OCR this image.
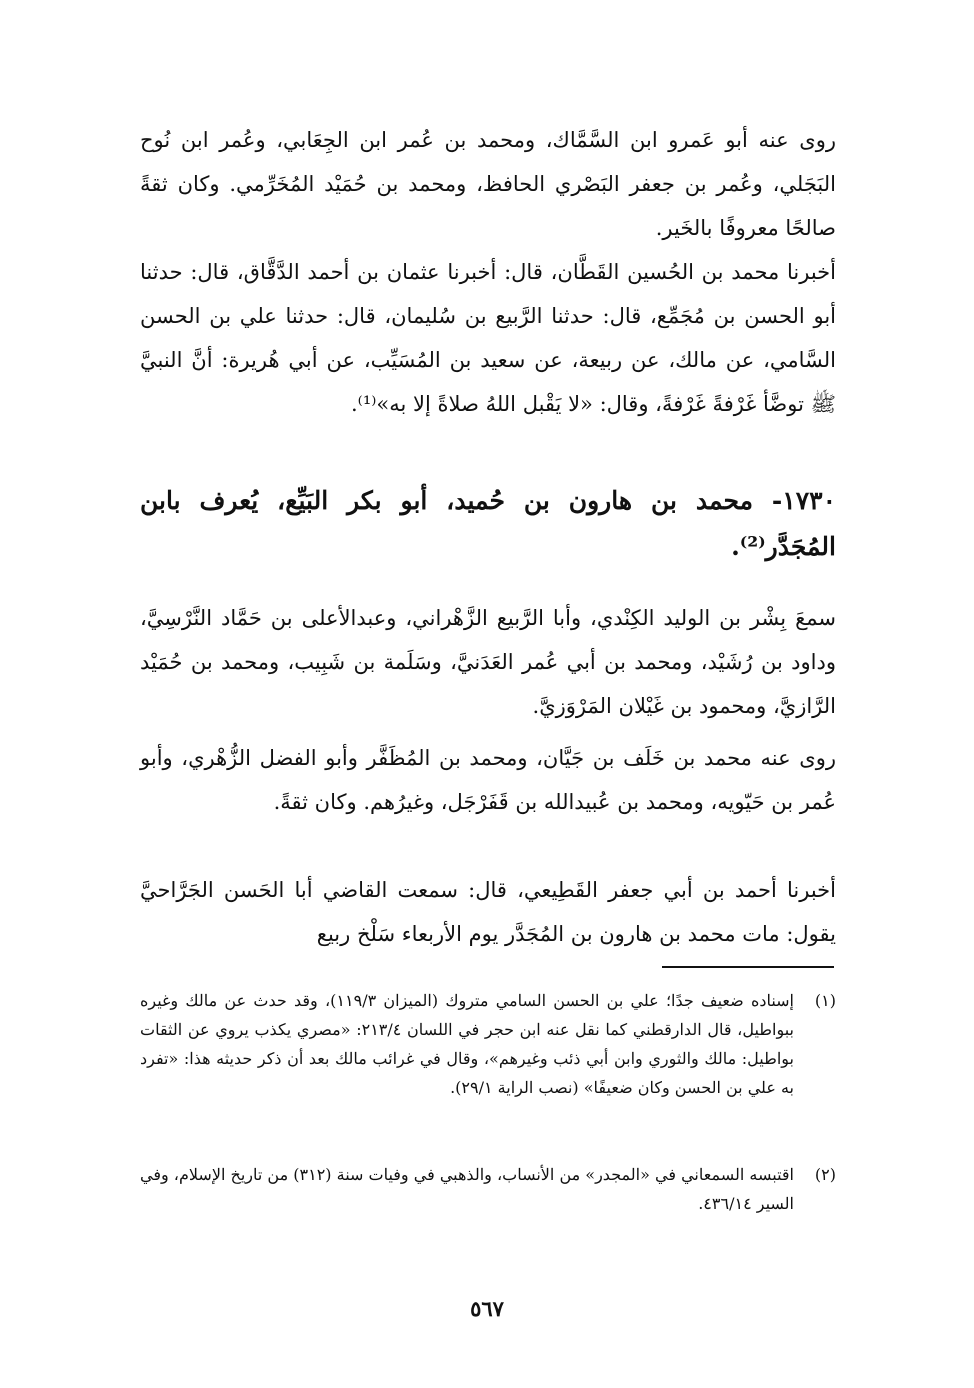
روى عنه أبو عَمرو ابن السَّمَّاك، ومحمد بن عُمر ابن الجِعَابي، وعُمر ابن نُوح البَجَلي، وعُمر بن جعفر البَصْري الحافظ، ومحمد بن حُمَيْد المُخَرِّمي. وكان ثقةً صالحًا معروفًا بالخَير.

أخبرنا محمد بن الحُسين القَطَّان، قال: أخبرنا عثمان بن أحمد الدَّقَّاق، قال: حدثنا أبو الحسن بن مُجَمِّع، قال: حدثنا الرَّبيع بن سُليمان، قال: حدثنا علي بن الحسن السَّامي، عن مالك، عن ربيعة، عن سعيد بن المُسَيِّب، عن أبي هُريرة: أنَّ النبيَّ ﷺ توضَّأ غَرْفةً غَرْفةً، وقال: «لا يَقْبل اللهُ صلاةً إلا به»⁽¹⁾.

١٧٣٠- محمد بن هارون بن حُميد، أبو بكر البَيِّع، يُعرف بابن المُجَدَّر⁽²⁾.

سمعَ بِشْر بن الوليد الكِنْدي، وأبا الرَّبيع الزَّهْراني، وعبدالأعلى بن حَمَّاد النَّرْسِيَّ، وداود بن رُشَيْد، ومحمد بن أبي عُمر العَدَنيَّ، وسَلَمة بن شَبِيب، ومحمد بن حُمَيْد الرَّازيَّ، ومحمود بن غَيْلان المَرْوَزيَّ.

روى عنه محمد بن خَلَف بن جَيَّان، ومحمد بن المُظَفَّر وأبو الفضل الزُّهْري، وأبو عُمر بن حَيّويه، ومحمد بن عُبيدالله بن قَفَرْجَل، وغيرُهم. وكان ثقةً.

أخبرنا أحمد بن أبي جعفر القَطِيعي، قال: سمعت القاضي أبا الحَسن الجَرَّاحيَّ يقول: مات محمد بن هارون بن المُجَدَّر يوم الأربعاء سَلْخ ربيع

(١)
إسناده ضعيف جدًا؛ علي بن الحسن السامي متروك (الميزان ١١٩/٣)، وقد حدث عن مالك وغيره ببواطيل، قال الدارقطني كما نقل عنه ابن حجر في اللسان ٢١٣/٤: «مصري يكذب يروي عن الثقات بواطيل: مالك والثوري وابن أبي ذئب وغيرهم»، وقال في غرائب مالك بعد أن ذكر حديثه هذا: «تفرد به علي بن الحسن وكان ضعيفًا» (نصب الراية ٢٩/١).
(٢)
اقتبسه السمعاني في «المجدر» من الأنساب، والذهبي في وفيات سنة (٣١٢) من تاريخ الإسلام، وفي السير ٤٣٦/١٤.
٥٦٧
